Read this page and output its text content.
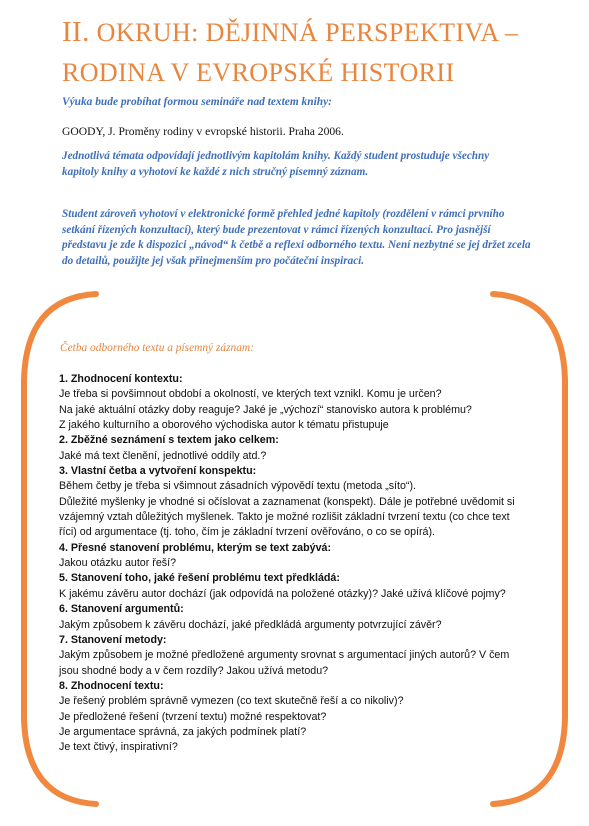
II. OKRUH: DĚJINNÁ PERSPEKTIVA –
RODINA V EVROPSKÉ HISTORII

Výuka bude probíhat formou semináře nad textem knihy:

GOODY, J. Proměny rodiny v evropské historii. Praha 2006.

Jednotlivá témata odpovídají jednotlivým kapitolám knihy. Každý student prostuduje všechny kapitoly knihy a vyhotoví ke každé z nich stručný písemný záznam.

Student zároveň vyhotoví v elektronické formě přehled jedné kapitoly (rozdělení v rámci prvního setkání řízených konzultací), který bude prezentovat v rámci řízených konzultací. Pro jasnější představu je zde k dispozici „návod“ k četbě a reflexi odborného textu. Není nezbytné se jej držet zcela do detailů, použijte jej však přinejmenším pro počáteční inspiraci.

Četba odborného textu a písemný záznam:

1. Zhodnocení kontextu:
Je třeba si povšimnout období a okolností, ve kterých text vznikl. Komu je určen?
Na jaké aktuální otázky doby reaguje? Jaké je „výchozí“ stanovisko autora k problému?
Z jakého kulturního a oborového východiska autor k tématu přistupuje
2. Zběžné seznámení s textem jako celkem:
Jaké má text členění, jednotlivé oddíly atd.?
3. Vlastní četba a vytvoření konspektu:
Během četby je třeba si všimnout zásadních výpovědí textu (metoda „síto“).
Důležité myšlenky je vhodné si očíslovat a zaznamenat (konspekt). Dále je potřebné uvědomit si vzájemný vztah důležitých myšlenek. Takto je možné rozlišit základní tvrzení textu (co chce text říci) od argumentace (tj. toho, čím je základní tvrzení ověřováno, o co se opírá).
4. Přesné stanovení problému, kterým se text zabývá:
Jakou otázku autor řeší?
5. Stanovení toho, jaké řešení problému text předkládá:
K jakému závěru autor dochází (jak odpovídá na položené otázky)? Jaké užívá klíčové pojmy?
6. Stanovení argumentů:
Jakým způsobem k závěru dochází, jaké předkládá argumenty potvrzující závěr?
7. Stanovení metody:
Jakým způsobem je možné předložené argumenty srovnat s argumentací jiných autorů? V čem jsou shodné body a v čem rozdíly? Jakou užívá metodu?
8. Zhodnocení textu:
Je řešený problém správně vymezen (co text skutečně řeší a co nikoliv)?
Je předložené řešení (tvrzení textu) možné respektovat?
Je argumentace správná, za jakých podmínek platí?
Je text čtivý, inspirativní?
